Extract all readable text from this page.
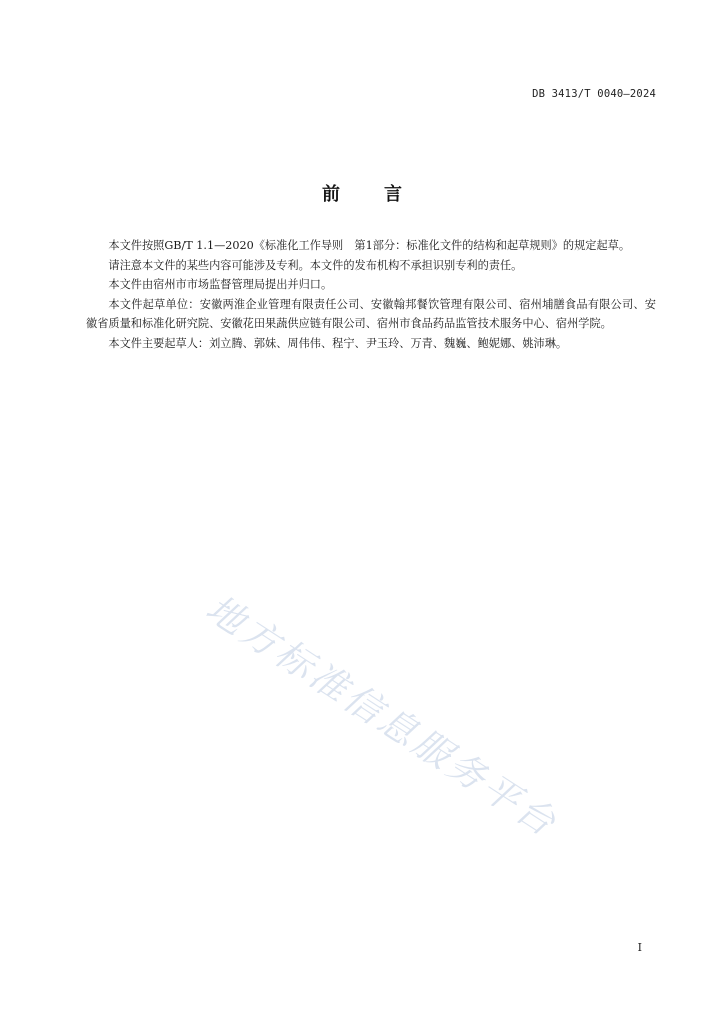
DB 3413/T 0040—2024
前言

本文件按照GB/T 1.1—2020《标准化工作导则　第1部分：标准化文件的结构和起草规则》的规定起草。

请注意本文件的某些内容可能涉及专利。本文件的发布机构不承担识别专利的责任。

本文件由宿州市市场监督管理局提出并归口。

本文件起草单位：安徽两淮企业管理有限责任公司、安徽翰邦餐饮管理有限公司、宿州埔膳食品有限公司、安徽省质量和标准化研究院、安徽花田果蔬供应链有限公司、宿州市食品药品监管技术服务中心、宿州学院。

本文件主要起草人：刘立腾、郭妹、周伟伟、程宁、尹玉玲、万青、魏巍、鲍妮娜、姚沛琳。

地方标准信息服务平台
I
